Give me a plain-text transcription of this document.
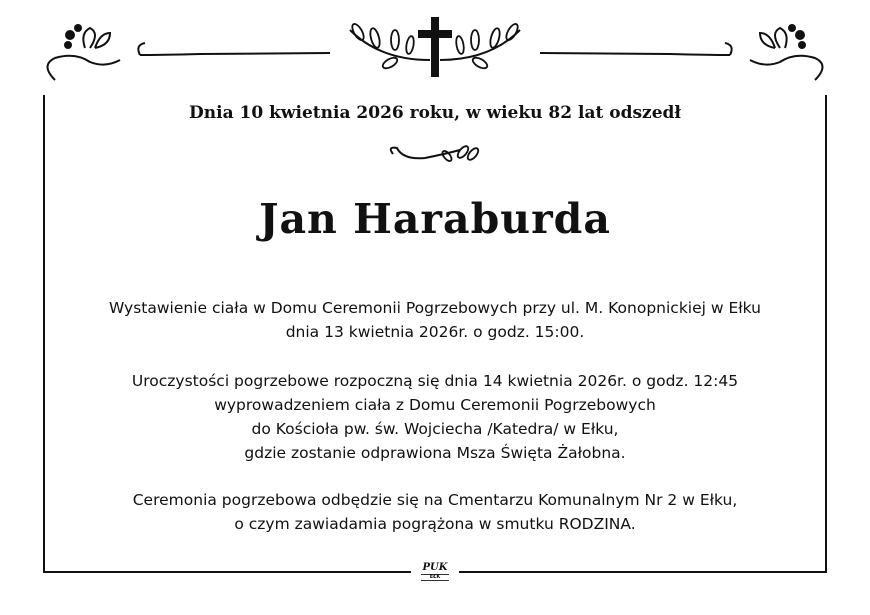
Dnia 10 kwietnia 2026 roku, w wieku 82 lat odszedł
Jan Haraburda
Wystawienie ciała w Domu Ceremonii Pogrzebowych przy ul. M. Konopnickiej w Ełku
dnia 13 kwietnia 2026r. o godz. 15:00.
Uroczystości pogrzebowe rozpoczną się dnia 14 kwietnia 2026r. o godz. 12:45
wyprowadzeniem ciała z Domu Ceremonii Pogrzebowych
do Kościoła pw. św. Wojciecha /Katedra/ w Ełku,
gdzie zostanie odprawiona Msza Święta Żałobna.
Ceremonia pogrzebowa odbędzie się na Cmentarzu Komunalnym Nr 2 w Ełku,
o czym zawiadamia pogrążona w smutku RODZINA.
PUK
EŁK
